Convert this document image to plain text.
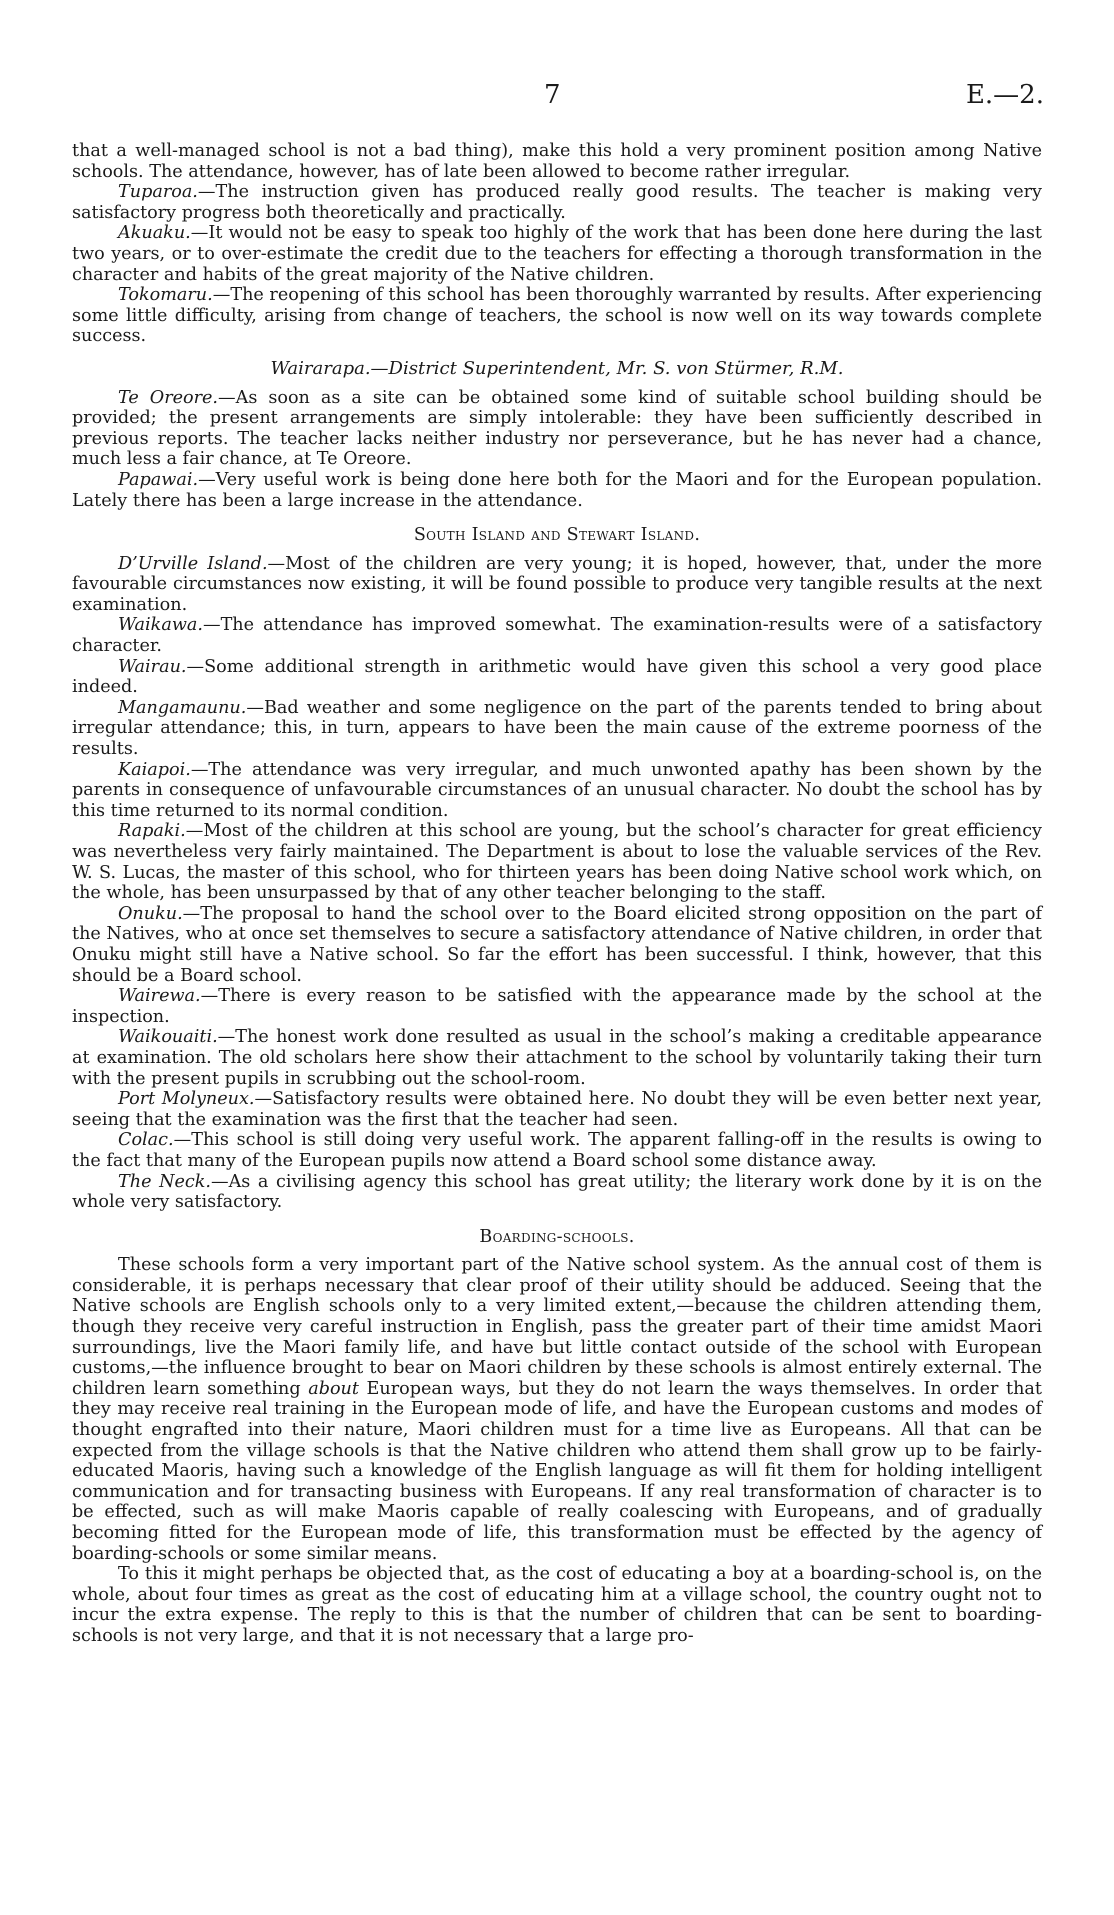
7	E.—2.

that a well-managed school is not a bad thing), make this hold a very prominent position among Native schools. The attendance, however, has of late been allowed to become rather irregular.

Tuparoa.—The instruction given has produced really good results. The teacher is making very satisfactory progress both theoretically and practically.

Akuaku.—It would not be easy to speak too highly of the work that has been done here during the last two years, or to over-estimate the credit due to the teachers for effecting a thorough transformation in the character and habits of the great majority of the Native children.

Tokomaru.—The reopening of this school has been thoroughly warranted by results. After experiencing some little difficulty, arising from change of teachers, the school is now well on its way towards complete success.

Wairarapa.—District Superintendent, Mr. S. von Stürmer, R.M.

Te Oreore.—As soon as a site can be obtained some kind of suitable school building should be provided; the present arrangements are simply intolerable: they have been sufficiently described in previous reports. The teacher lacks neither industry nor perseverance, but he has never had a chance, much less a fair chance, at Te Oreore.

Papawai.—Very useful work is being done here both for the Maori and for the European population. Lately there has been a large increase in the attendance.

South Island and Stewart Island.

D’Urville Island.—Most of the children are very young; it is hoped, however, that, under the more favourable circumstances now existing, it will be found possible to produce very tangible results at the next examination.

Waikawa.—The attendance has improved somewhat. The examination-results were of a satisfactory character.

Wairau.—Some additional strength in arithmetic would have given this school a very good place indeed.

Mangamaunu.—Bad weather and some negligence on the part of the parents tended to bring about irregular attendance; this, in turn, appears to have been the main cause of the extreme poorness of the results.

Kaiapoi.—The attendance was very irregular, and much unwonted apathy has been shown by the parents in consequence of unfavourable circumstances of an unusual character. No doubt the school has by this time returned to its normal condition.

Rapaki.—Most of the children at this school are young, but the school’s character for great efficiency was nevertheless very fairly maintained. The Department is about to lose the valuable services of the Rev. W. S. Lucas, the master of this school, who for thirteen years has been doing Native school work which, on the whole, has been unsurpassed by that of any other teacher belonging to the staff.

Onuku.—The proposal to hand the school over to the Board elicited strong opposition on the part of the Natives, who at once set themselves to secure a satisfactory attendance of Native children, in order that Onuku might still have a Native school. So far the effort has been successful. I think, however, that this should be a Board school.

Wairewa.—There is every reason to be satisfied with the appearance made by the school at the inspection.

Waikouaiti.—The honest work done resulted as usual in the school’s making a creditable appearance at examination. The old scholars here show their attachment to the school by voluntarily taking their turn with the present pupils in scrubbing out the school-room.

Port Molyneux.—Satisfactory results were obtained here. No doubt they will be even better next year, seeing that the examination was the first that the teacher had seen.

Colac.—This school is still doing very useful work. The apparent falling-off in the results is owing to the fact that many of the European pupils now attend a Board school some distance away.

The Neck.—As a civilising agency this school has great utility; the literary work done by it is on the whole very satisfactory.

Boarding-schools.

These schools form a very important part of the Native school system. As the annual cost of them is considerable, it is perhaps necessary that clear proof of their utility should be adduced. Seeing that the Native schools are English schools only to a very limited extent,—because the children attending them, though they receive very careful instruction in English, pass the greater part of their time amidst Maori surroundings, live the Maori family life, and have but little contact outside of the school with European customs,—the influence brought to bear on Maori children by these schools is almost entirely external. The children learn something about European ways, but they do not learn the ways themselves. In order that they may receive real training in the European mode of life, and have the European customs and modes of thought engrafted into their nature, Maori children must for a time live as Europeans. All that can be expected from the village schools is that the Native children who attend them shall grow up to be fairly-educated Maoris, having such a knowledge of the English language as will fit them for holding intelligent communication and for transacting business with Europeans. If any real transformation of character is to be effected, such as will make Maoris capable of really coalescing with Europeans, and of gradually becoming fitted for the European mode of life, this transformation must be effected by the agency of boarding-schools or some similar means.

To this it might perhaps be objected that, as the cost of educating a boy at a boarding-school is, on the whole, about four times as great as the cost of educating him at a village school, the country ought not to incur the extra expense. The reply to this is that the number of children that can be sent to boarding-schools is not very large, and that it is not necessary that a large pro-
